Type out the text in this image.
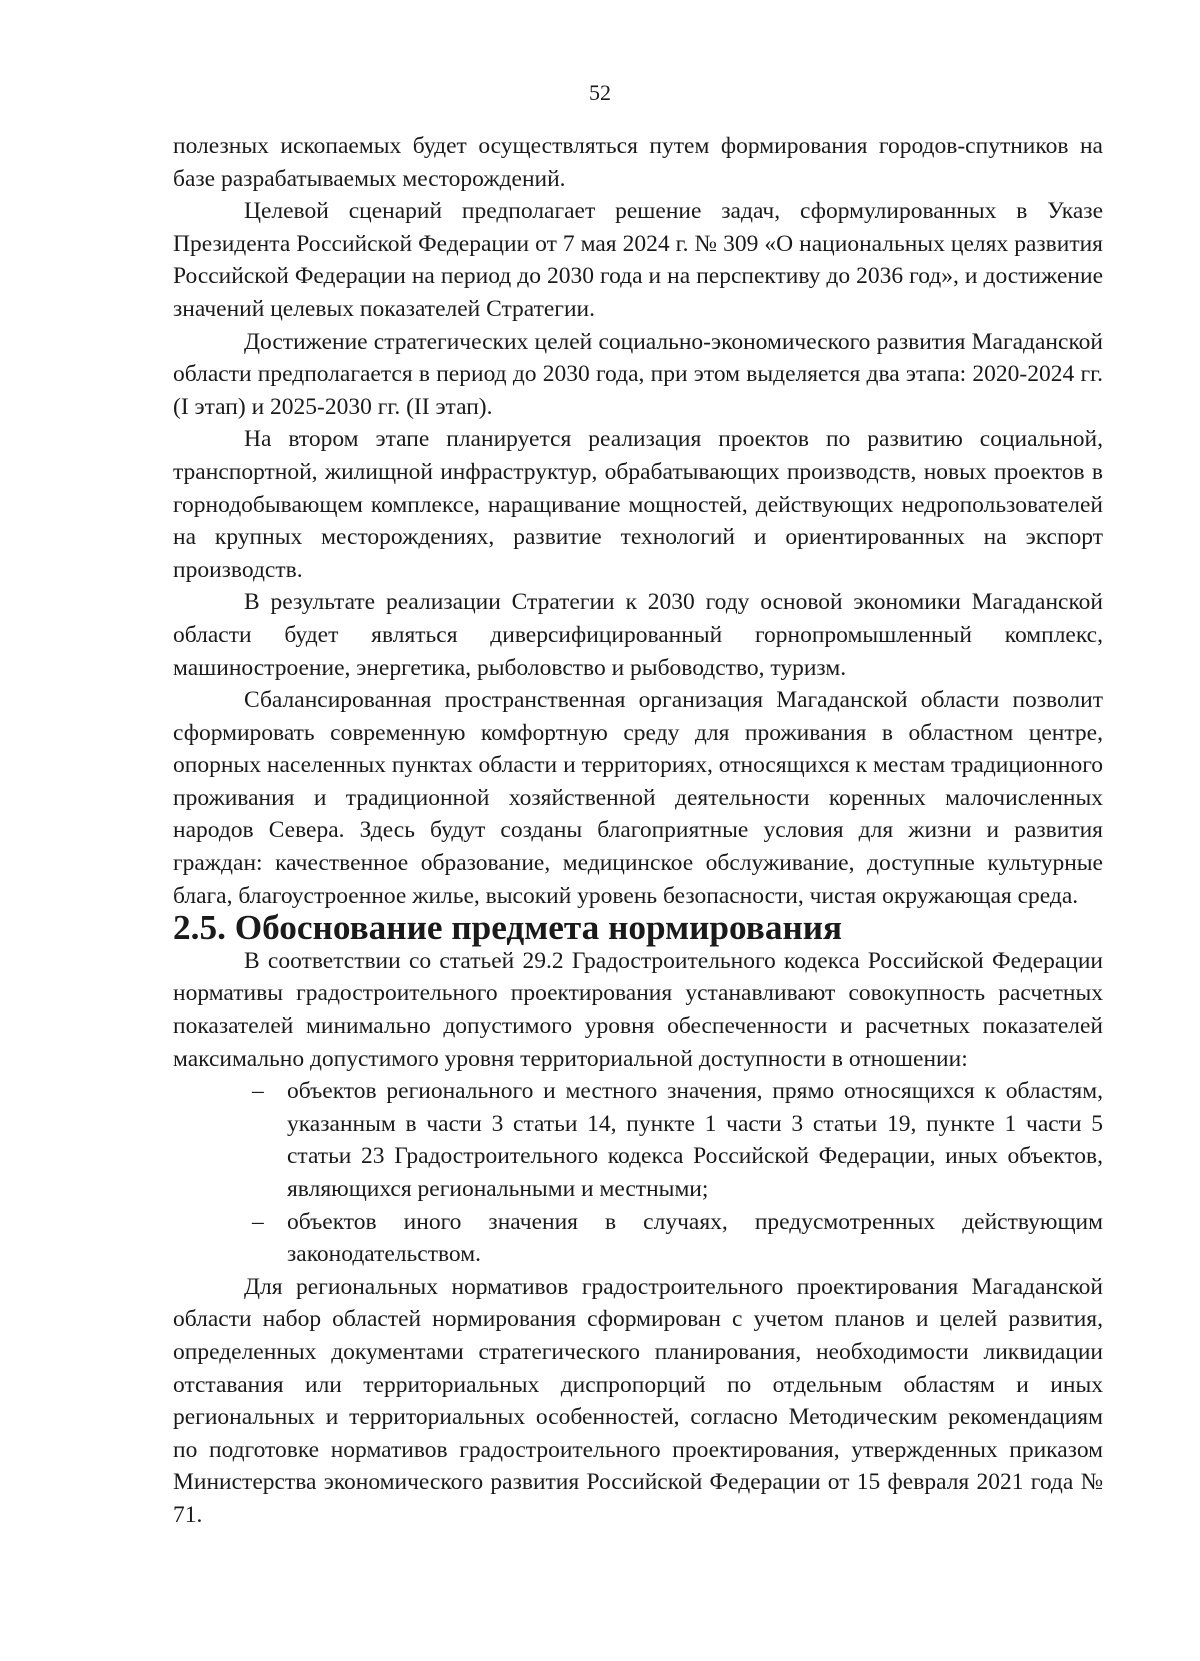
52

полезных ископаемых будет осуществляться путем формирования городов-спутников на базе разрабатываемых месторождений.

Целевой сценарий предполагает решение задач, сформулированных в Указе Президента Российской Федерации от 7 мая 2024 г. № 309 «О национальных целях развития Российской Федерации на период до 2030 года и на перспективу до 2036 год», и достижение значений целевых показателей Стратегии.

Достижение стратегических целей социально-экономического развития Магаданской области предполагается в период до 2030 года, при этом выделяется два этапа: 2020-2024 гг. (I этап) и 2025-2030 гг. (II этап).

На втором этапе планируется реализация проектов по развитию социальной, транспортной, жилищной инфраструктур, обрабатывающих производств, новых проектов в горнодобывающем комплексе, наращивание мощностей, действующих недропользователей на крупных месторождениях, развитие технологий и ориентированных на экспорт производств.

В результате реализации Стратегии к 2030 году основой экономики Магаданской области будет являться диверсифицированный горнопромышленный комплекс, машиностроение, энергетика, рыболовство и рыбоводство, туризм.

Сбалансированная пространственная организация Магаданской области позволит сформировать современную комфортную среду для проживания в областном центре, опорных населенных пунктах области и территориях, относящихся к местам традиционного проживания и традиционной хозяйственной деятельности коренных малочисленных народов Севера. Здесь будут созданы благоприятные условия для жизни и развития граждан: качественное образование, медицинское обслуживание, доступные культурные блага, благоустроенное жилье, высокий уровень безопасности, чистая окружающая среда.

2.5. Обоснование предмета нормирования

В соответствии со статьей 29.2 Градостроительного кодекса Российской Федерации нормативы градостроительного проектирования устанавливают совокупность расчетных показателей минимально допустимого уровня обеспеченности и расчетных показателей максимально допустимого уровня территориальной доступности в отношении:

– объектов регионального и местного значения, прямо относящихся к областям, указанным в части 3 статьи 14, пункте 1 части 3 статьи 19, пункте 1 части 5 статьи 23 Градостроительного кодекса Российской Федерации, иных объектов, являющихся региональными и местными;
– объектов иного значения в случаях, предусмотренных действующим законодательством.

Для региональных нормативов градостроительного проектирования Магаданской области набор областей нормирования сформирован с учетом планов и целей развития, определенных документами стратегического планирования, необходимости ликвидации отставания или территориальных диспропорций по отдельным областям и иных региональных и территориальных особенностей, согласно Методическим рекомендациям по подготовке нормативов градостроительного проектирования, утвержденных приказом Министерства экономического развития Российской Федерации от 15 февраля 2021 года № 71.
